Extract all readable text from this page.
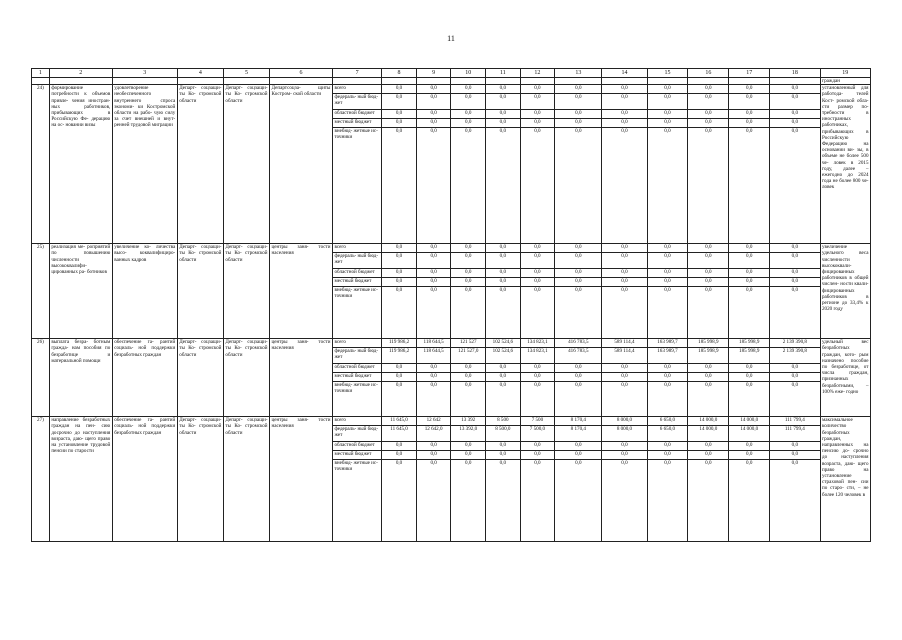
11
1	2	3	4	5	6	7	8	9	10	11	12	13	14	15	16	17	18	19
																		граждан
24)	формирование потребности к объемов привле- чения иностран- ных работников, прибывающих в Российскую Фе- дерацию на ос- новании визы	удовлетворение необеспеченного внутреннего спроса экономи- ки Костромской области на рабо- чую силу за счет внешней и внут- ренней трудовой миграции	Департ- соцзащи- ты Ко- стромской области	Департ- соцзащи- ты Ко- стромской области	Департсоцза- щиты Костром- ской области	всего	0,0	0,0	0,0	0,0	0,0	0,0	0,0	0,0	0,0	0,0	0,0	установленный для работода- телей Кост- ромской обла- сти размер по- требности в иностранных работниках, прибывающих в Российскую Федерацию на основании ви- зы, в объеме не более 500 че- ловек в 2015 году, далее – ежегодно до 2024 года не более 800 че- ловек
						федераль- ный бюд- жет	0,0	0,0	0,0	0,0	0,0	0,0	0,0	0,0	0,0	0,0	0,0	
						областной бюджет	0,0	0,0	0,0	0,0	0,0	0,0	0,0	0,0	0,0	0,0	0,0	
						местный бюджет	0,0	0,0	0,0	0,0	0,0	0,0	0,0	0,0	0,0	0,0	0,0	
						внебюд- жетные ис- точники	0,0	0,0	0,0	0,0	0,0	0,0	0,0	0,0	0,0	0,0	0,0	
25)	реализация ме- роприятий по повышению численности высококвалифи- цированных ра- ботников	увеличение ко- личества высо- коквалифициро- ванных кадров	Департ- соцзащи- ты Ко- стромской области	Департ- соцзащи- ты Ко- стромской области	центры заня- тости населения	всего	0,0	0,0	0,0	0,0	0,0	0,0	0,0	0,0	0,0	0,0	0,0	увеличение удельного веса численности высококвали- фицированных работников в общей числен- ности квали- фицированных работников в регионе до 33,4% к 2020 году
						федераль- ный бюд- жет	0,0	0,0	0,0	0,0	0,0	0,0	0,0	0,0	0,0	0,0	0,0	
						областной бюджет	0,0	0,0	0,0	0,0	0,0	0,0	0,0	0,0	0,0	0,0	0,0	
						местный бюджет	0,0	0,0	0,0	0,0	0,0	0,0	0,0	0,0	0,0	0,0	0,0	
						внебюд- жетные ис- точники	0,0	0,0	0,0	0,0	0,0	0,0	0,0	0,0	0,0	0,0	0,0	
26)	выплата безра- ботным гражда- нам пособия по безработице и материальной помощи	обеспечение га- рантий социаль- ной поддержки безработных граждан	Департ- соцзащи- ты Ко- стромской области	Департ- соцзащи- ты Ко- стромской области	центры заня- тости населения	всего	119 986,2	118 644,5	121 527	102 524,6	134 823,1	416 783,5	589 114,4	163 989,7	185 998,9	185 998,9	2 139 390,8	удельный вес безработных граждан, кото- рым назначено пособие по безработице, от числа граждан, признанных безработными, – 100% еже- годно
						федераль- ный бюд- жет	119 986,2	118 644,5	121 527,0	102 524,6	134 823,1	416 783,5	589 114,4	163 989,7	185 998,9	185 998,9	2 139 390,8	
						областной бюджет	0,0	0,0	0,0	0,0	0,0	0,0	0,0	0,0	0,0	0,0	0,0	
						местный бюджет	0,0	0,0	0,0	0,0	0,0	0,0	0,0	0,0	0,0	0,0	0,0	
						внебюд- жетные ис- точники	0,0	0,0	0,0	0,0	0,0	0,0	0,0	0,0	0,0	0,0	0,0	
27)	направление безработных граждан на пен- сию досрочно до наступления возраста, даю- щего право на установление трудовой пенсии по старости	обеспечение га- рантий социаль- ной поддержки безработных граждан	Департ- соцзащи- ты Ко- стромской области	Департ- соцзащи- ты Ко- стромской области	центры заня- тости населения	всего	11 645,0	12 642	13 392	8 500	7 500	8 170,4	8 000,0	6 650,0	14 000,0	14 000,0	111 799,4	максимальное количество безработных граждан, направленных на пенсию до- срочно до наступления возраста, даю- щего право на установление страховой пен- сии по старо- сти, – не более 120 человек в
						федераль- ный бюд- жет	11 645,0	12 642,0	13 392,0	8 500,0	7 500,0	8 170,4	8 000,0	6 650,0	14 000,0	14 000,0	111 799,4	
						областной бюджет	0,0	0,0	0,0	0,0	0,0	0,0	0,0	0,0	0,0	0,0	0,0	
						местный бюджет	0,0	0,0	0,0	0,0	0,0	0,0	0,0	0,0	0,0	0,0	0,0	
						внебюд- жетные ис- точники	0,0	0,0	0,0	0,0	0,0	0,0	0,0	0,0	0,0	0,0	0,0	
